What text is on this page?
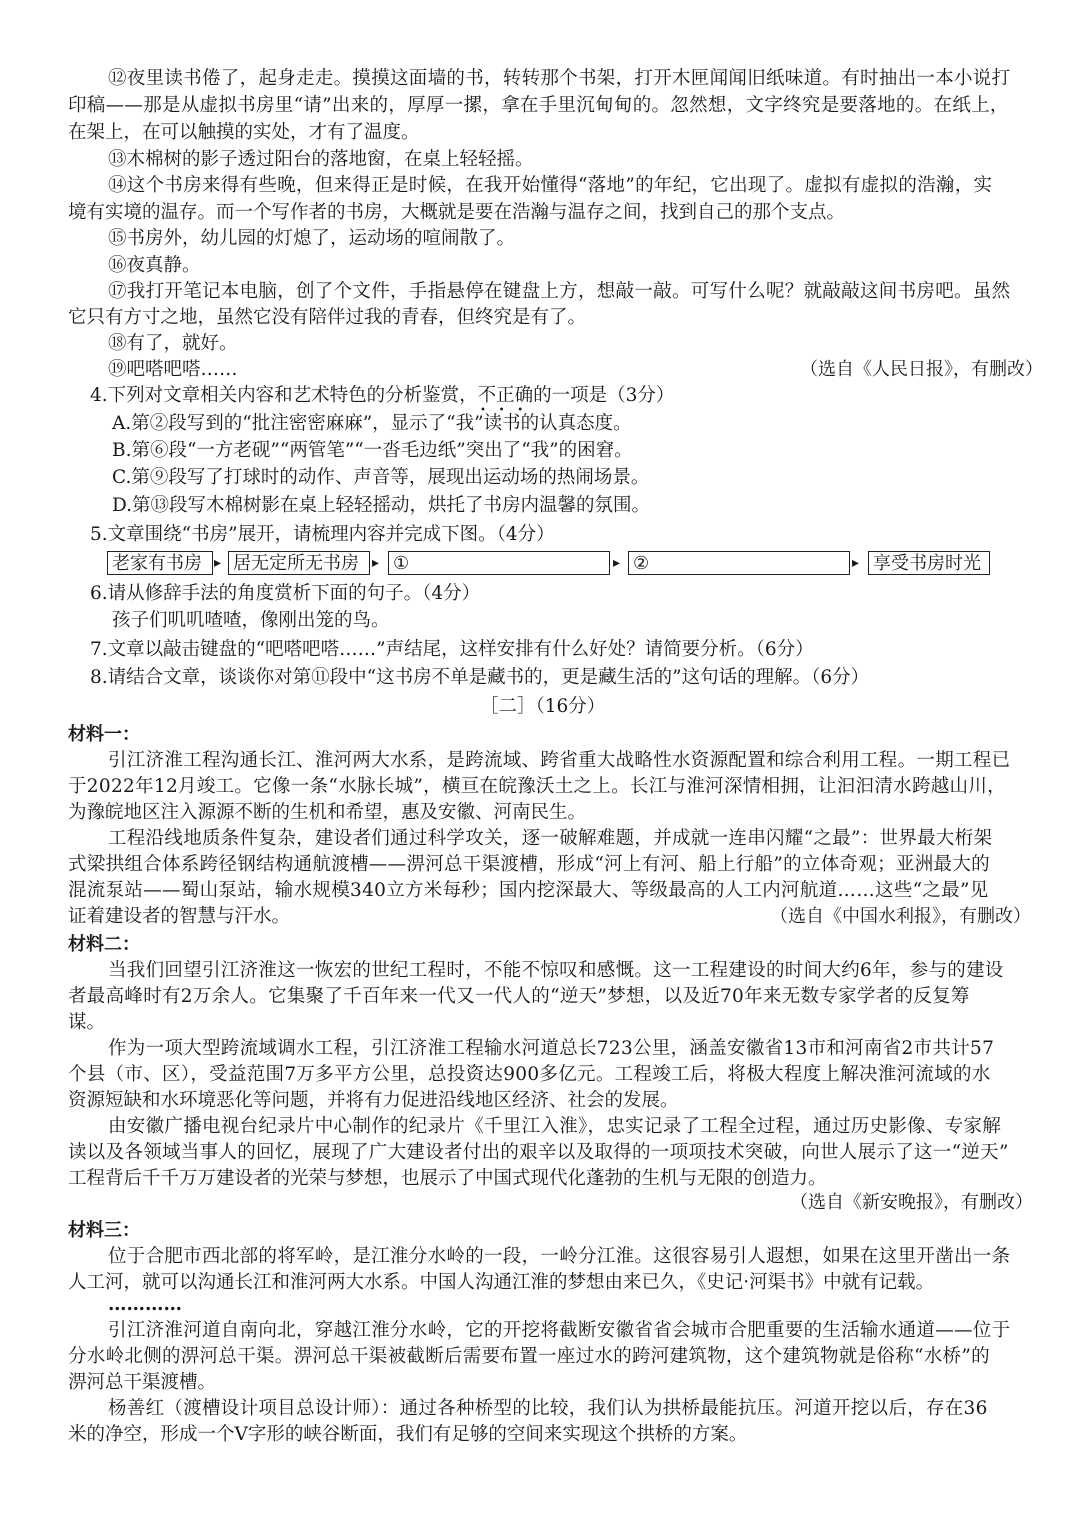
⑫夜里读书倦了，起身走走。摸摸这面墙的书，转转那个书架，打开木匣闻闻旧纸味道。有时抽出一本小说打
印稿——那是从虚拟书房里“请”出来的，厚厚一摞，拿在手里沉甸甸的。忽然想，文字终究是要落地的。在纸上，
在架上，在可以触摸的实处，才有了温度。
⑬木棉树的影子透过阳台的落地窗，在桌上轻轻摇。
⑭这个书房来得有些晚，但来得正是时候，在我开始懂得“落地”的年纪，它出现了。虚拟有虚拟的浩瀚，实
境有实境的温存。而一个写作者的书房，大概就是要在浩瀚与温存之间，找到自己的那个支点。
⑮书房外，幼儿园的灯熄了，运动场的喧闹散了。
⑯夜真静。
⑰我打开笔记本电脑，创了个文件，手指悬停在键盘上方，想敲一敲。可写什么呢？就敲敲这间书房吧。虽然
它只有方寸之地，虽然它没有陪伴过我的青春，但终究是有了。
⑱有了，就好。
⑲吧嗒吧嗒……	（选自《人民日报》，有删改）
4.下列对文章相关内容和艺术特色的分析鉴赏，不正确的一项是（3分）
•    •    •
A.第②段写到的“批注密密麻麻”，显示了“我”读书的认真态度。
B.第⑥段“一方老砚”“两管笔”“一沓毛边纸”突出了“我”的困窘。
C.第⑨段写了打球时的动作、声音等，展现出运动场的热闹场景。
D.第⑬段写木棉树影在桌上轻轻摇动，烘托了书房内温馨的氛围。
5.文章围绕“书房”展开，请梳理内容并完成下图。（4分）
老家有书房 ▸ 居无定所无书房 ▸ ①	▸ ②	▸ 享受书房时光
6.请从修辞手法的角度赏析下面的句子。（4分）
孩子们叽叽喳喳，像刚出笼的鸟。
7.文章以敲击键盘的“吧嗒吧嗒……”声结尾，这样安排有什么好处？请简要分析。（6分）
8.请结合文章，谈谈你对第⑪段中“这书房不单是藏书的，更是藏生活的”这句话的理解。（6分）
［二］（16分）
材料一：
引江济淮工程沟通长江、淮河两大水系，是跨流域、跨省重大战略性水资源配置和综合利用工程。一期工程已
于2022年12月竣工。它像一条“水脉长城”，横亘在皖豫沃土之上。长江与淮河深情相拥，让汩汩清水跨越山川，
为豫皖地区注入源源不断的生机和希望，惠及安徽、河南民生。
工程沿线地质条件复杂，建设者们通过科学攻关，逐一破解难题，并成就一连串闪耀“之最”：世界最大桁架
式梁拱组合体系跨径钢结构通航渡槽——淠河总干渠渡槽，形成“河上有河、船上行船”的立体奇观；亚洲最大的
混流泵站——蜀山泵站，输水规模340立方米每秒；国内挖深最大、等级最高的人工内河航道……这些“之最”见
证着建设者的智慧与汗水。	（选自《中国水利报》，有删改）
材料二：
当我们回望引江济淮这一恢宏的世纪工程时，不能不惊叹和感慨。这一工程建设的时间大约6年，参与的建设
者最高峰时有2万余人。它集聚了千百年来一代又一代人的“逆天”梦想，以及近70年来无数专家学者的反复筹
谋。
作为一项大型跨流域调水工程，引江济淮工程输水河道总长723公里，涵盖安徽省13市和河南省2市共计57
个县（市、区），受益范围7万多平方公里，总投资达900多亿元。工程竣工后，将极大程度上解决淮河流域的水
资源短缺和水环境恶化等问题，并将有力促进沿线地区经济、社会的发展。
由安徽广播电视台纪录片中心制作的纪录片《千里江入淮》，忠实记录了工程全过程，通过历史影像、专家解
读以及各领域当事人的回忆，展现了广大建设者付出的艰辛以及取得的一项项技术突破，向世人展示了这一“逆天”
工程背后千千万万建设者的光荣与梦想，也展示了中国式现代化蓬勃的生机与无限的创造力。
（选自《新安晚报》，有删改）
材料三：
位于合肥市西北部的将军岭，是江淮分水岭的一段，一岭分江淮。这很容易引人遐想，如果在这里开凿出一条
人工河，就可以沟通长江和淮河两大水系。中国人沟通江淮的梦想由来已久，《史记·河渠书》中就有记载。
…………
引江济淮河道自南向北，穿越江淮分水岭，它的开挖将截断安徽省省会城市合肥重要的生活输水通道——位于
分水岭北侧的淠河总干渠。淠河总干渠被截断后需要布置一座过水的跨河建筑物，这个建筑物就是俗称“水桥”的
淠河总干渠渡槽。
杨善红（渡槽设计项目总设计师）：通过各种桥型的比较，我们认为拱桥最能抗压。河道开挖以后，存在36
米的净空，形成一个V字形的峡谷断面，我们有足够的空间来实现这个拱桥的方案。
